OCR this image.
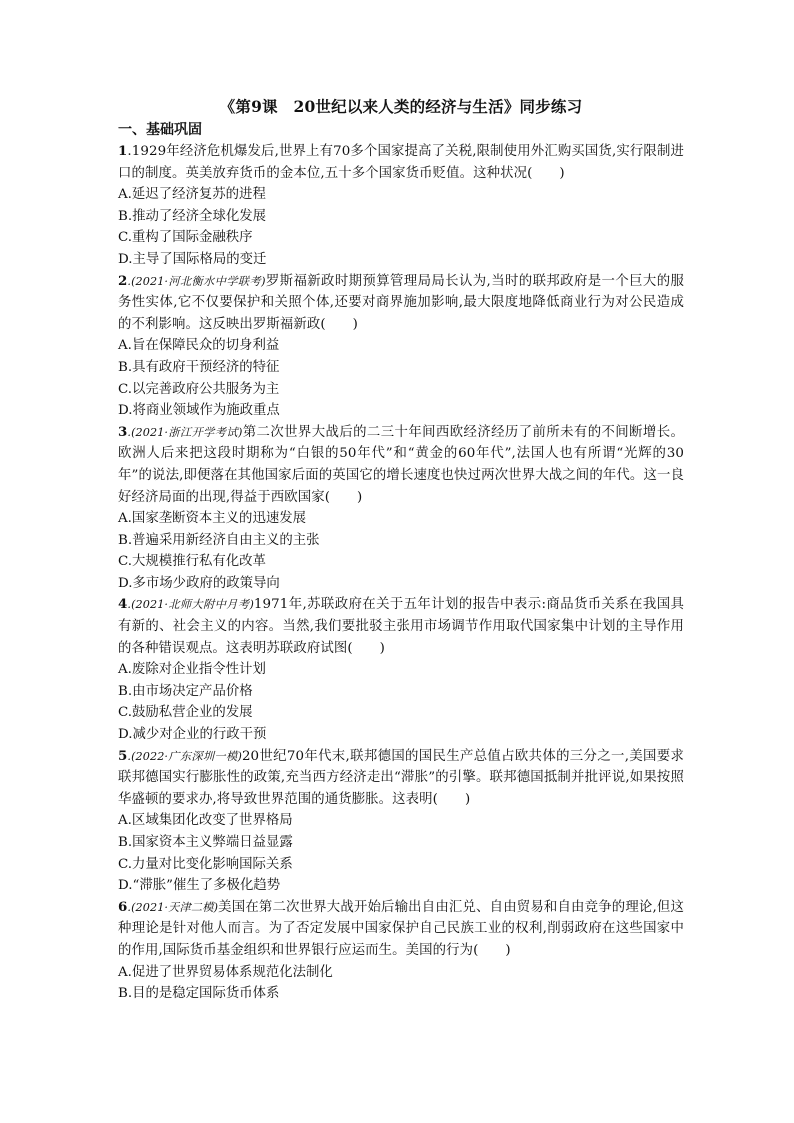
《第9课　20世纪以来人类的经济与生活》同步练习
一、基础巩固

1.1929年经济危机爆发后,世界上有70多个国家提高了关税,限制使用外汇购买国货,实行限制进口的制度。英美放弃货币的金本位,五十多个国家货币贬值。这种状况(　　)

A.延迟了经济复苏的进程

B.推动了经济全球化发展

C.重构了国际金融秩序

D.主导了国际格局的变迁

2.(2021·河北衡水中学联考)罗斯福新政时期预算管理局局长认为,当时的联邦政府是一个巨大的服务性实体,它不仅要保护和关照个体,还要对商界施加影响,最大限度地降低商业行为对公民造成的不利影响。这反映出罗斯福新政(　　)

A.旨在保障民众的切身利益

B.具有政府干预经济的特征

C.以完善政府公共服务为主

D.将商业领域作为施政重点

3.(2021·浙江开学考试)第二次世界大战后的二三十年间西欧经济经历了前所未有的不间断增长。欧洲人后来把这段时期称为“白银的50年代”和“黄金的60年代”,法国人也有所谓“光辉的30年”的说法,即便落在其他国家后面的英国它的增长速度也快过两次世界大战之间的年代。这一良好经济局面的出现,得益于西欧国家(　　)

A.国家垄断资本主义的迅速发展

B.普遍采用新经济自由主义的主张

C.大规模推行私有化改革

D.多市场少政府的政策导向

4.(2021·北师大附中月考)1971年,苏联政府在关于五年计划的报告中表示:商品货币关系在我国具有新的、社会主义的内容。当然,我们要批驳主张用市场调节作用取代国家集中计划的主导作用的各种错误观点。这表明苏联政府试图(　　)

A.废除对企业指令性计划

B.由市场决定产品价格

C.鼓励私营企业的发展

D.减少对企业的行政干预

5.(2022·广东深圳一模)20世纪70年代末,联邦德国的国民生产总值占欧共体的三分之一,美国要求联邦德国实行膨胀性的政策,充当西方经济走出“滞胀”的引擎。联邦德国抵制并批评说,如果按照华盛顿的要求办,将导致世界范围的通货膨胀。这表明(　　)

A.区域集团化改变了世界格局

B.国家资本主义弊端日益显露

C.力量对比变化影响国际关系

D.“滞胀”催生了多极化趋势

6.(2021·天津二模)美国在第二次世界大战开始后输出自由汇兑、自由贸易和自由竞争的理论,但这种理论是针对他人而言。为了否定发展中国家保护自己民族工业的权利,削弱政府在这些国家中的作用,国际货币基金组织和世界银行应运而生。美国的行为(　　)

A.促进了世界贸易体系规范化法制化

B.目的是稳定国际货币体系
